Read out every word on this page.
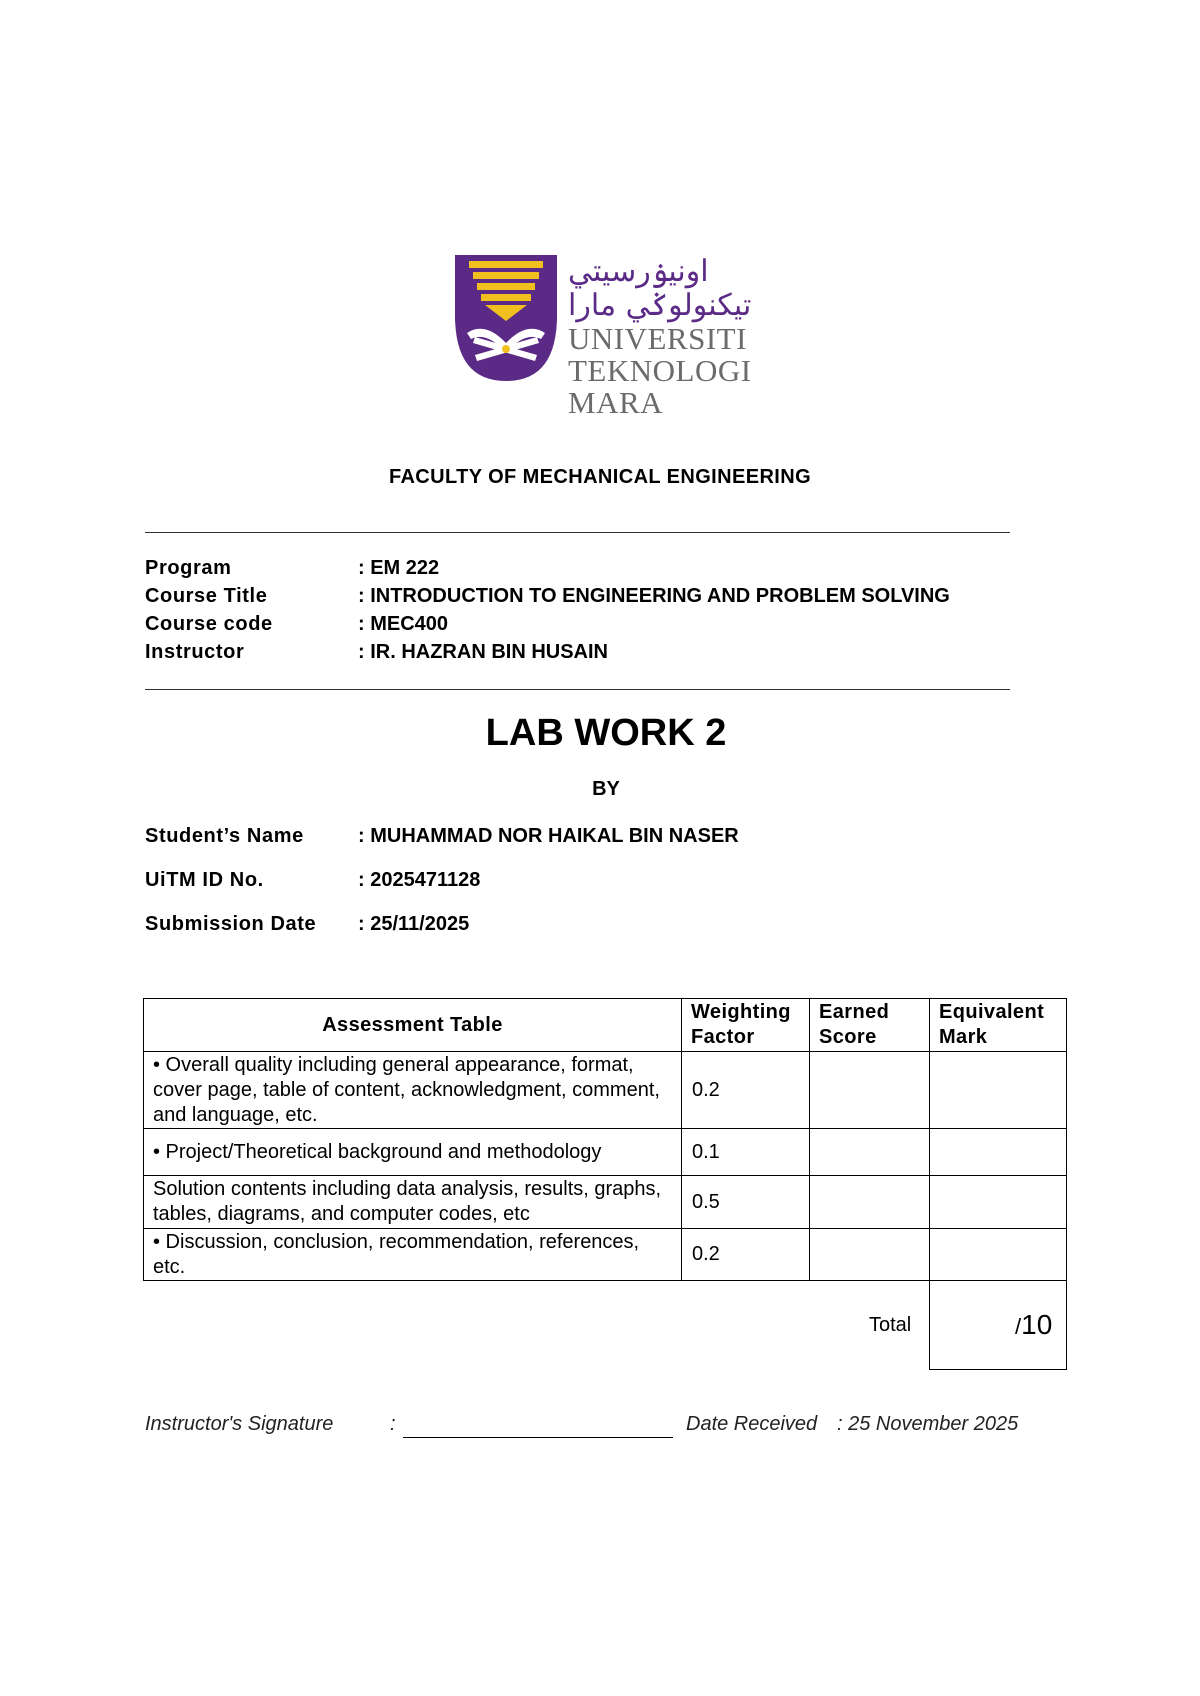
اونيۏرسيتي تيكنولوݢي مارا
UNIVERSITI
TEKNOLOGI
MARA
FACULTY OF MECHANICAL ENGINEERING
Program	: EM 222
Course Title	: INTRODUCTION TO ENGINEERING AND PROBLEM SOLVING
Course code	: MEC400
Instructor	: IR. HAZRAN BIN HUSAIN
LAB WORK 2
BY
Student’s Name	: MUHAMMAD NOR HAIKAL BIN NASER
UiTM ID No.	: 2025471128
Submission Date : 25/11/2025
Assessment Table	Weighting Factor	Earned Score	Equivalent Mark
• Overall quality including general appearance, format, cover page, table of content, acknowledgment, comment, and language, etc.	0.2		
• Project/Theoretical background and methodology	0.1		
Solution contents including data analysis, results, graphs, tables, diagrams, and computer codes, etc	0.5		
• Discussion, conclusion, recommendation, references, etc.	0.2		
Total	/10
Instructor's Signature	:	Date Received : 25 November 2025
